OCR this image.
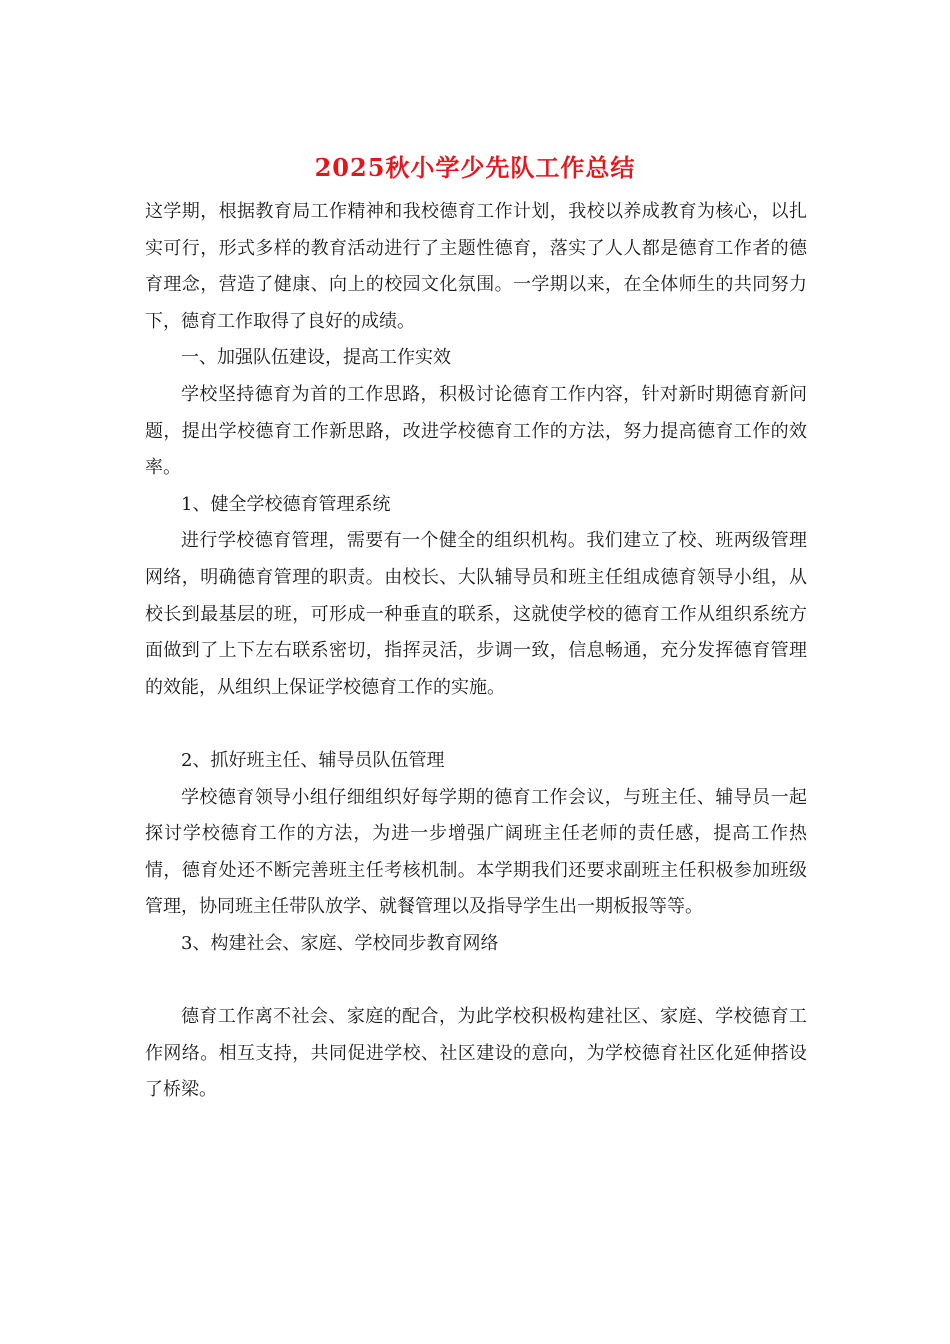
2025秋小学少先队工作总结

这学期，根据教育局工作精神和我校德育工作计划，我校以养成教育为核心，以扎实可行，形式多样的教育活动进行了主题性德育，落实了人人都是德育工作者的德育理念，营造了健康、向上的校园文化氛围。一学期以来，在全体师生的共同努力下，德育工作取得了良好的成绩。

一、加强队伍建设，提高工作实效

学校坚持德育为首的工作思路，积极讨论德育工作内容，针对新时期德育新问题，提出学校德育工作新思路，改进学校德育工作的方法，努力提高德育工作的效率。

1、健全学校德育管理系统

进行学校德育管理，需要有一个健全的组织机构。我们建立了校、班两级管理网络，明确德育管理的职责。由校长、大队辅导员和班主任组成德育领导小组，从校长到最基层的班，可形成一种垂直的联系，这就使学校的德育工作从组织系统方面做到了上下左右联系密切，指挥灵活，步调一致，信息畅通，充分发挥德育管理的效能，从组织上保证学校德育工作的实施。

2、抓好班主任、辅导员队伍管理

学校德育领导小组仔细组织好每学期的德育工作会议，与班主任、辅导员一起探讨学校德育工作的方法，为进一步增强广阔班主任老师的责任感，提高工作热情，德育处还不断完善班主任考核机制。本学期我们还要求副班主任积极参加班级管理，协同班主任带队放学、就餐管理以及指导学生出一期板报等等。

3、构建社会、家庭、学校同步教育网络

德育工作离不社会、家庭的配合，为此学校积极构建社区、家庭、学校德育工作网络。相互支持，共同促进学校、社区建设的意向，为学校德育社区化延伸搭设了桥梁。
